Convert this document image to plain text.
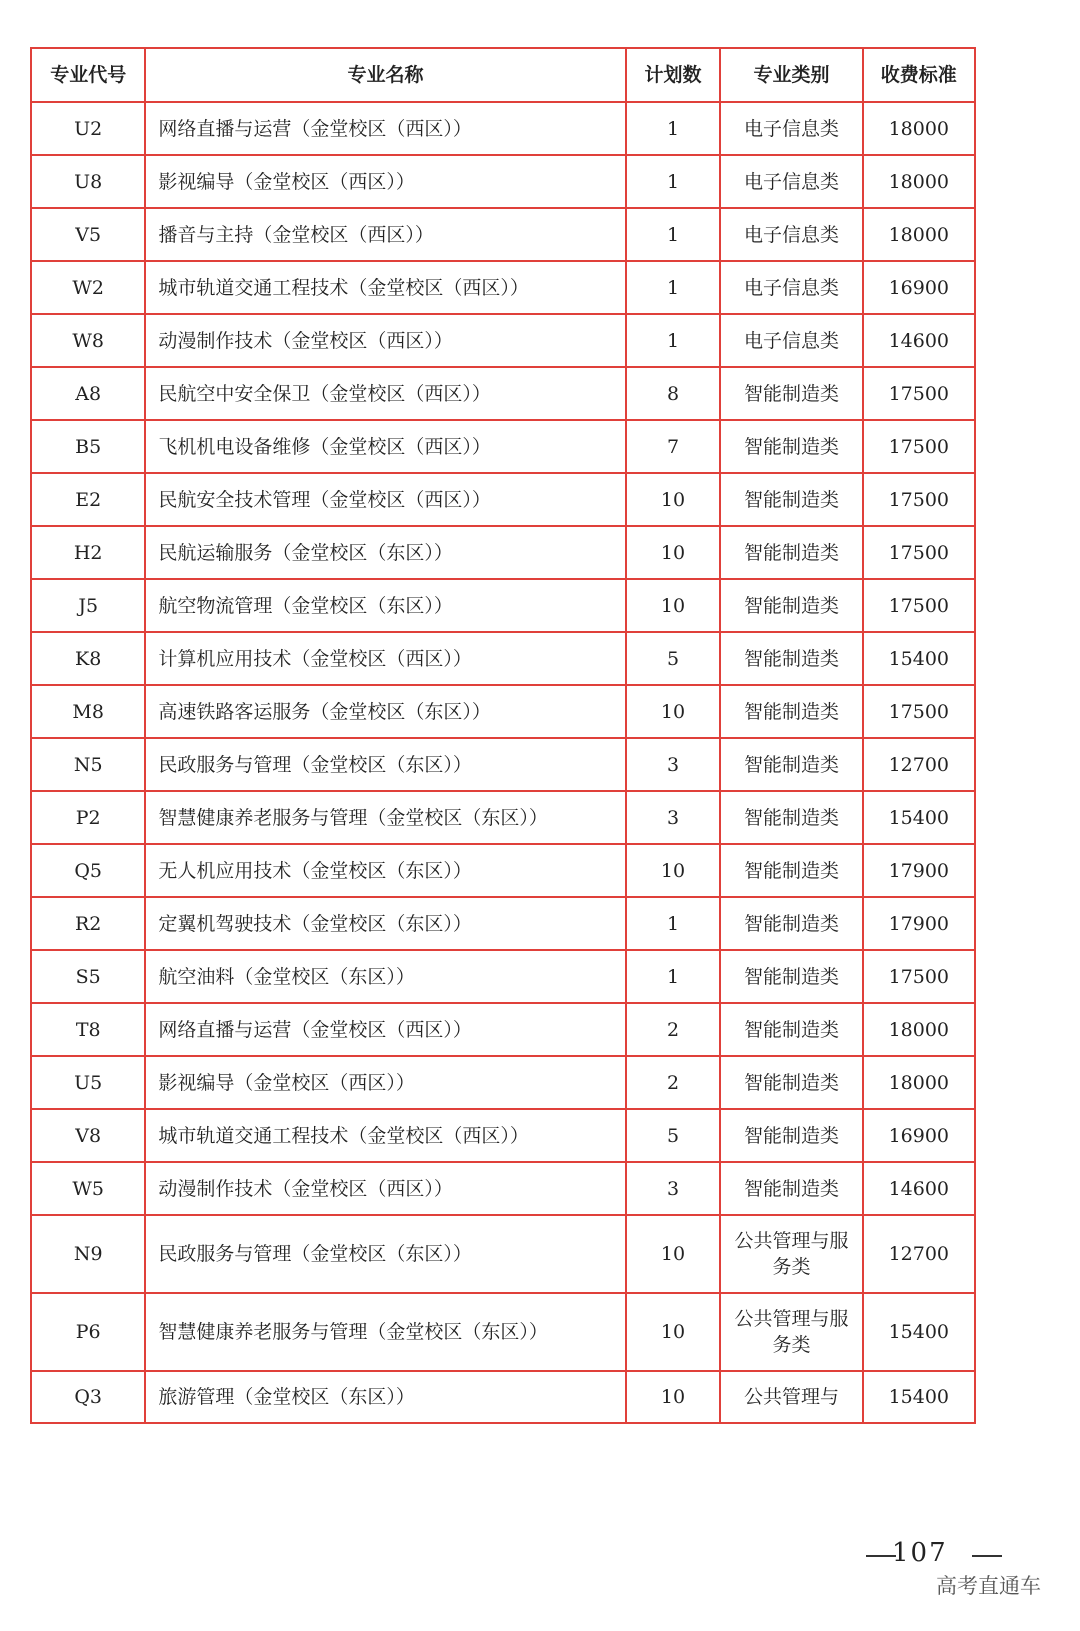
专业代号	专业名称	计划数	专业类别	收费标准
U2	网络直播与运营（金堂校区（西区））	1	电子信息类	18000
U8	影视编导（金堂校区（西区））	1	电子信息类	18000
V5	播音与主持（金堂校区（西区））	1	电子信息类	18000
W2	城市轨道交通工程技术（金堂校区（西区））	1	电子信息类	16900
W8	动漫制作技术（金堂校区（西区））	1	电子信息类	14600
A8	民航空中安全保卫（金堂校区（西区））	8	智能制造类	17500
B5	飞机机电设备维修（金堂校区（西区））	7	智能制造类	17500
E2	民航安全技术管理（金堂校区（西区））	10	智能制造类	17500
H2	民航运输服务（金堂校区（东区））	10	智能制造类	17500
J5	航空物流管理（金堂校区（东区））	10	智能制造类	17500
K8	计算机应用技术（金堂校区（西区））	5	智能制造类	15400
M8	高速铁路客运服务（金堂校区（东区））	10	智能制造类	17500
N5	民政服务与管理（金堂校区（东区））	3	智能制造类	12700
P2	智慧健康养老服务与管理（金堂校区（东区））	3	智能制造类	15400
Q5	无人机应用技术（金堂校区（东区））	10	智能制造类	17900
R2	定翼机驾驶技术（金堂校区（东区））	1	智能制造类	17900
S5	航空油料（金堂校区（东区））	1	智能制造类	17500
T8	网络直播与运营（金堂校区（西区））	2	智能制造类	18000
U5	影视编导（金堂校区（西区））	2	智能制造类	18000
V8	城市轨道交通工程技术（金堂校区（西区））	5	智能制造类	16900
W5	动漫制作技术（金堂校区（西区））	3	智能制造类	14600
N9	民政服务与管理（金堂校区（东区））	10	公共管理与服务类	12700
P6	智慧健康养老服务与管理（金堂校区（东区））	10	公共管理与服务类	15400
Q3	旅游管理（金堂校区（东区））	10	公共管理与	15400
107
高考直通车
